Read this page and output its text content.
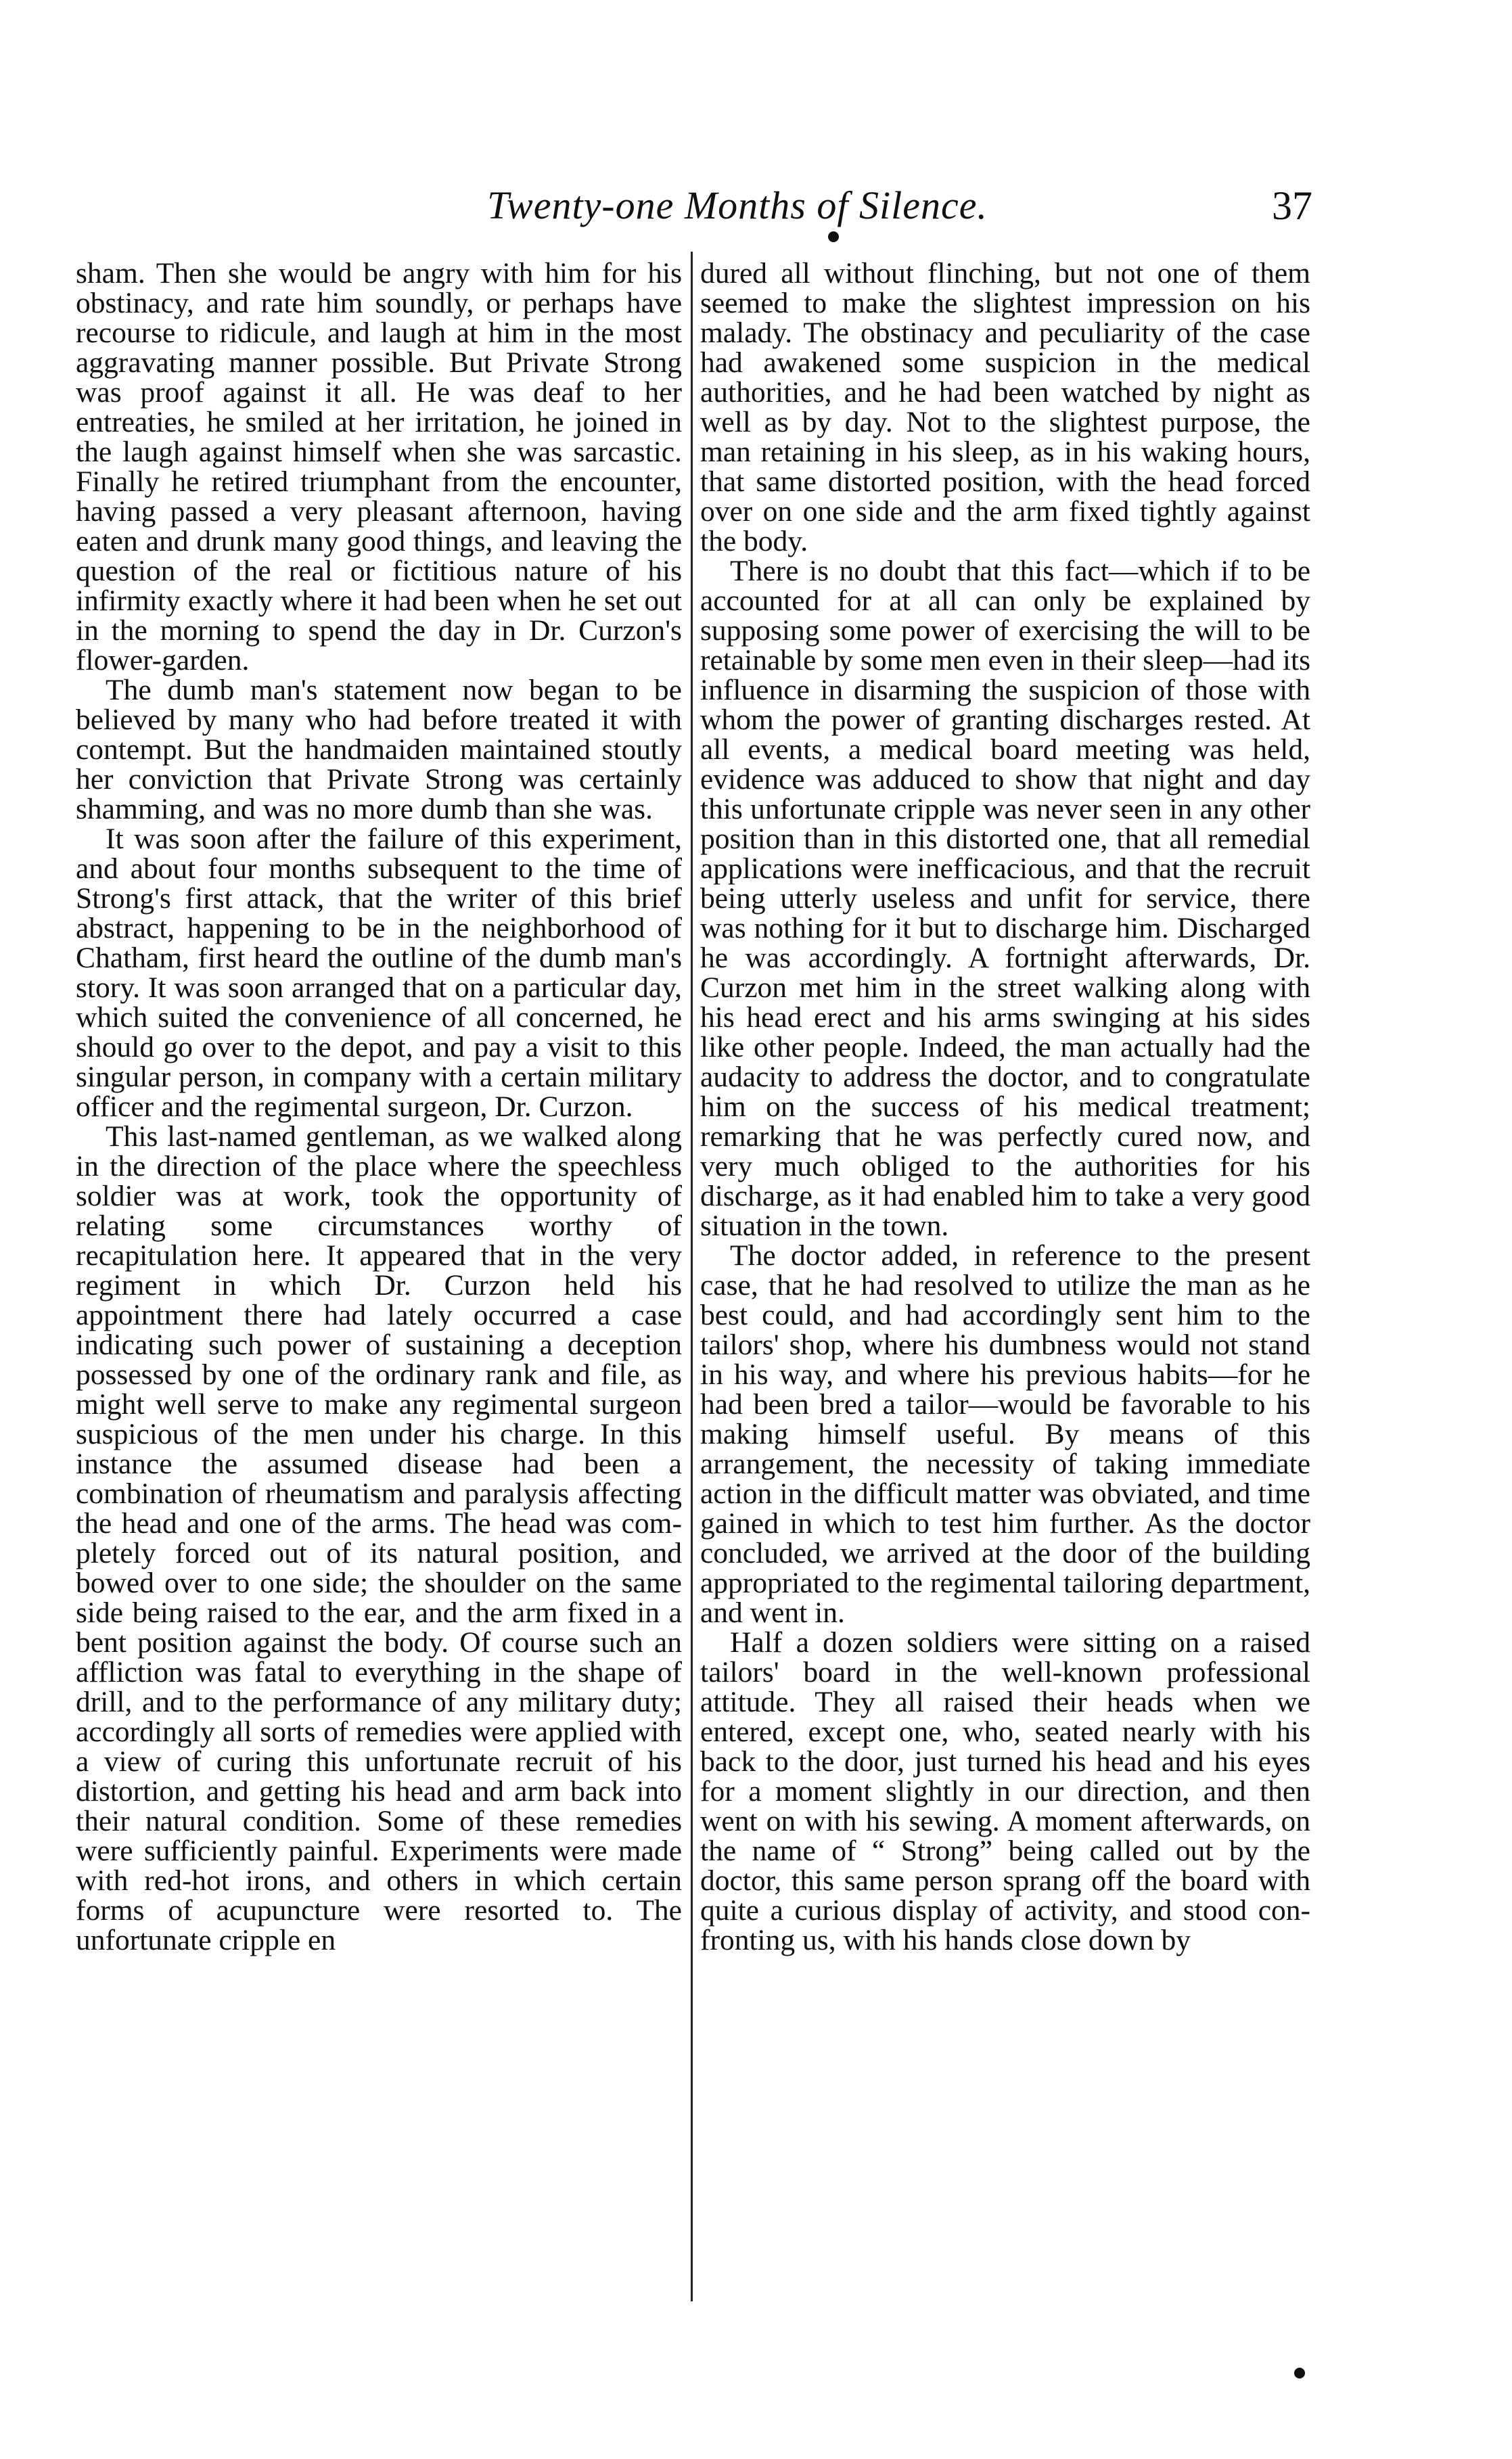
Twenty-one Months of Silence.	37

sham. Then she would be angry with him for his obstinacy, and rate him soundly, or perhaps have recourse to ridicule, and laugh at him in the most aggravating manner possible. But Private Strong was proof against it all. He was deaf to her entreaties, he smiled at her irritation, he joined in the laugh against himself when she was sarcastic. Finally he retired triumphant from the encounter, having passed a very pleasant afternoon, having eaten and drunk many good things, and leaving the question of the real or fictitious nature of his infirmity exactly where it had been when he set out in the morning to spend the day in Dr. Curzon's flower-garden.

The dumb man's statement now began to be believed by many who had before treated it with contempt. But the handmaiden maintained stoutly her conviction that Private Strong was certainly shamming, and was no more dumb than she was.

It was soon after the failure of this experiment, and about four months subsequent to the time of Strong's first attack, that the writer of this brief abstract, happening to be in the neighborhood of Chatham, first heard the outline of the dumb man's story. It was soon arranged that on a particular day, which suited the convenience of all concerned, he should go over to the depot, and pay a visit to this singular person, in company with a certain military officer and the regimental surgeon, Dr. Curzon.

This last-named gentleman, as we walked along in the direction of the place where the speechless soldier was at work, took the opportunity of relating some circumstances worthy of recapitulation here. It appeared that in the very regiment in which Dr. Curzon held his appointment there had lately occurred a case indicating such power of sustaining a deception possessed by one of the ordinary rank and file, as might well serve to make any regimental surgeon suspicious of the men under his charge. In this instance the assumed disease had been a combination of rheumatism and paralysis affecting the head and one of the arms. The head was completely forced out of its natural position, and bowed over to one side; the shoulder on the same side being raised to the ear, and the arm fixed in a bent position against the body. Of course such an affliction was fatal to everything in the shape of drill, and to the performance of any military duty; accordingly all sorts of remedies were applied with a view of curing this unfortunate recruit of his distortion, and getting his head and arm back into their natural condition. Some of these remedies were sufficiently painful. Experiments were made with red-hot irons, and others in which certain forms of acupuncture were resorted to. The unfortunate cripple en

dured all without flinching, but not one of them seemed to make the slightest impression on his malady. The obstinacy and peculiarity of the case had awakened some suspicion in the medical authorities, and he had been watched by night as well as by day. Not to the slightest purpose, the man retaining in his sleep, as in his waking hours, that same distorted position, with the head forced over on one side and the arm fixed tightly against the body.

There is no doubt that this fact—which if to be accounted for at all can only be explained by supposing some power of exercising the will to be retainable by some men even in their sleep—had its influence in disarming the suspicion of those with whom the power of granting discharges rested. At all events, a medical board meeting was held, evidence was adduced to show that night and day this unfortunate cripple was never seen in any other position than in this distorted one, that all remedial applications were inefficacious, and that the recruit being utterly useless and unfit for service, there was nothing for it but to discharge him. Discharged he was accordingly. A fortnight afterwards, Dr. Curzon met him in the street walking along with his head erect and his arms swinging at his sides like other people. Indeed, the man actually had the audacity to address the doctor, and to congratulate him on the success of his medical treatment; remarking that he was perfectly cured now, and very much obliged to the authorities for his discharge, as it had enabled him to take a very good situation in the town.

The doctor added, in reference to the present case, that he had resolved to utilize the man as he best could, and had accordingly sent him to the tailors' shop, where his dumbness would not stand in his way, and where his previous habits—for he had been bred a tailor—would be favorable to his making himself useful. By means of this arrangement, the necessity of taking immediate action in the difficult matter was obviated, and time gained in which to test him further. As the doctor concluded, we arrived at the door of the building appropriated to the regimental tailoring department, and went in.

Half a dozen soldiers were sitting on a raised tailors' board in the well-known professional attitude. They all raised their heads when we entered, except one, who, seated nearly with his back to the door, just turned his head and his eyes for a moment slightly in our direction, and then went on with his sewing. A moment afterwards, on the name of “ Strong” being called out by the doctor, this same person sprang off the board with quite a curious display of activity, and stood confronting us, with his hands close down by
